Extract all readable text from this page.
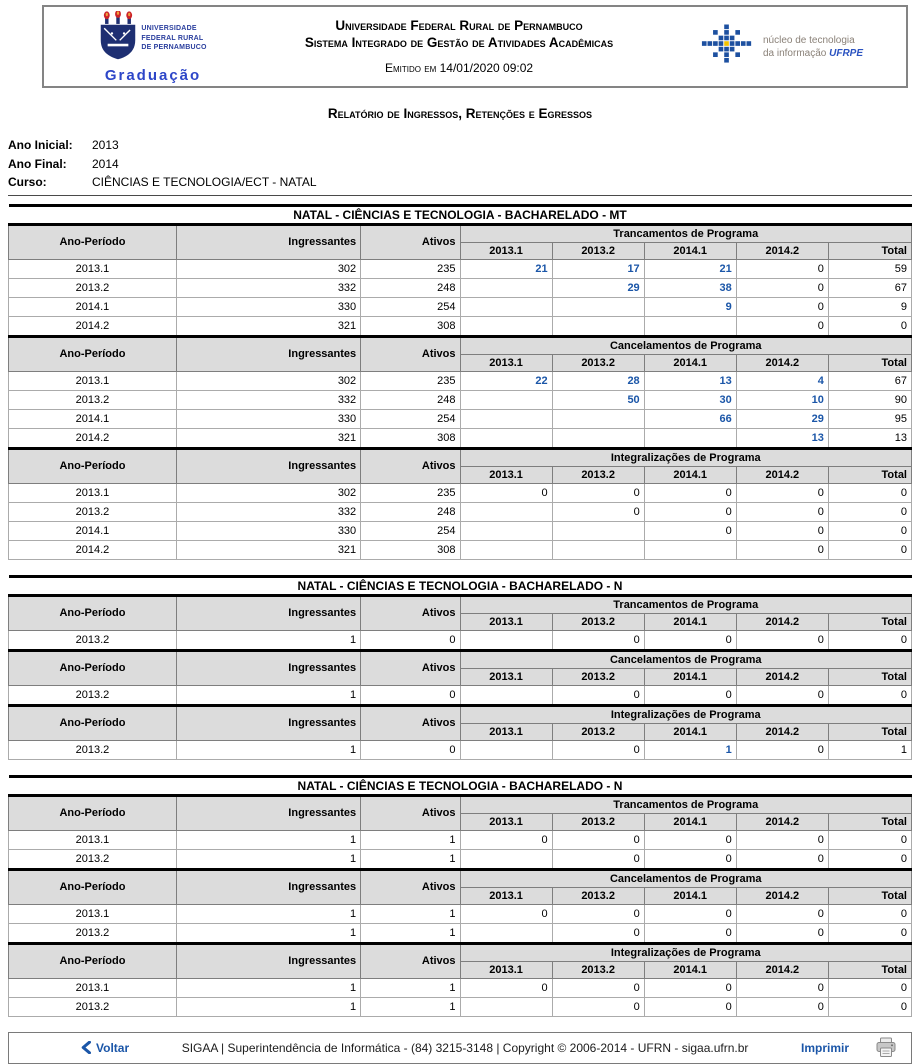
UNIVERSIDADE
FEDERAL RURAL
DE PERNAMBUCO
Graduação
Universidade Federal Rural de Pernambuco
Sistema Integrado de Gestão de Atividades Acadêmicas
Emitido em 14/01/2020 09:02
núcleo de tecnologia
da informação UFRPE
Relatório de Ingressos, Retenções e Egressos
Ano Inicial:	2013
Ano Final:	2014
Curso:	CIÊNCIAS E TECNOLOGIA/ECT - NATAL
NATAL - CIÊNCIAS E TECNOLOGIA - BACHARELADO - MT							
Ano-Período	Ingressantes	Ativos	Trancamentos de Programa				
			2013.1	2013.2	2014.1	2014.2	Total
2013.1	302	235	21	17	21	0	59
2013.2	332	248		29	38	0	67
2014.1	330	254			9	0	9
2014.2	321	308				0	0
Ano-Período	Ingressantes	Ativos	Cancelamentos de Programa				
			2013.1	2013.2	2014.1	2014.2	Total
2013.1	302	235	22	28	13	4	67
2013.2	332	248		50	30	10	90
2014.1	330	254			66	29	95
2014.2	321	308				13	13
Ano-Período	Ingressantes	Ativos	Integralizações de Programa				
			2013.1	2013.2	2014.1	2014.2	Total
2013.1	302	235	0	0	0	0	0
2013.2	332	248		0	0	0	0
2014.1	330	254			0	0	0
2014.2	321	308				0	0
NATAL - CIÊNCIAS E TECNOLOGIA - BACHARELADO - N							
Ano-Período	Ingressantes	Ativos	Trancamentos de Programa				
			2013.1	2013.2	2014.1	2014.2	Total
2013.2	1	0		0	0	0	0
Ano-Período	Ingressantes	Ativos	Cancelamentos de Programa				
			2013.1	2013.2	2014.1	2014.2	Total
2013.2	1	0		0	0	0	0
Ano-Período	Ingressantes	Ativos	Integralizações de Programa				
			2013.1	2013.2	2014.1	2014.2	Total
2013.2	1	0		0	1	0	1
NATAL - CIÊNCIAS E TECNOLOGIA - BACHARELADO - N							
Ano-Período	Ingressantes	Ativos	Trancamentos de Programa				
			2013.1	2013.2	2014.1	2014.2	Total
2013.1	1	1	0	0	0	0	0
2013.2	1	1		0	0	0	0
Ano-Período	Ingressantes	Ativos	Cancelamentos de Programa				
			2013.1	2013.2	2014.1	2014.2	Total
2013.1	1	1	0	0	0	0	0
2013.2	1	1		0	0	0	0
Ano-Período	Ingressantes	Ativos	Integralizações de Programa				
			2013.1	2013.2	2014.1	2014.2	Total
2013.1	1	1	0	0	0	0	0
2013.2	1	1		0	0	0	0
Voltar	SIGAA | Superintendência de Informática - (84) 3215-3148 | Copyright © 2006-2014 - UFRN - sigaa.ufrn.br	Imprimir
